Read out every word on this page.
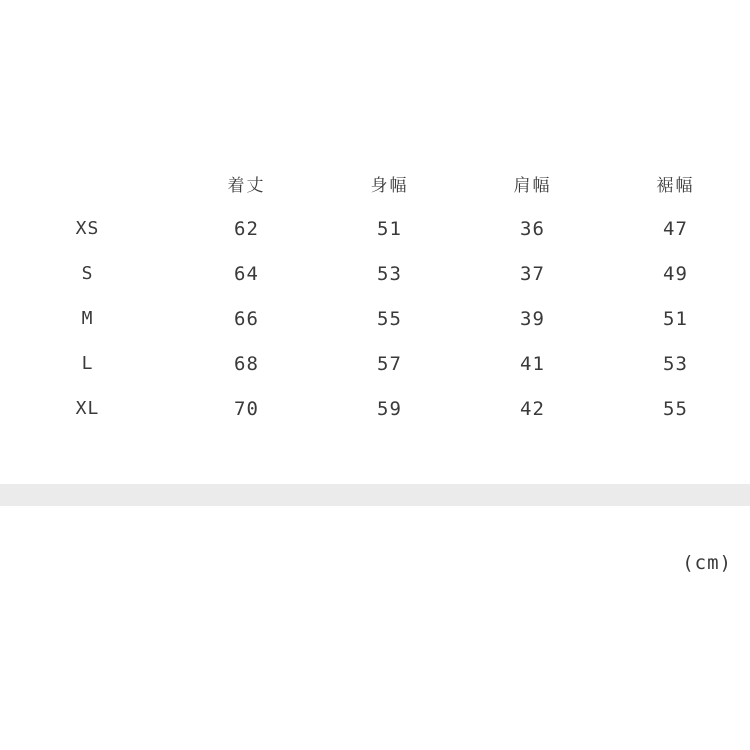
	着丈	身幅	肩幅	裾幅	
XS	62	51	36	47	
S	64	53	37	49	
M	66	55	39	51	
L	68	57	41	53	
XL	70	59	42	55	
(cm)
